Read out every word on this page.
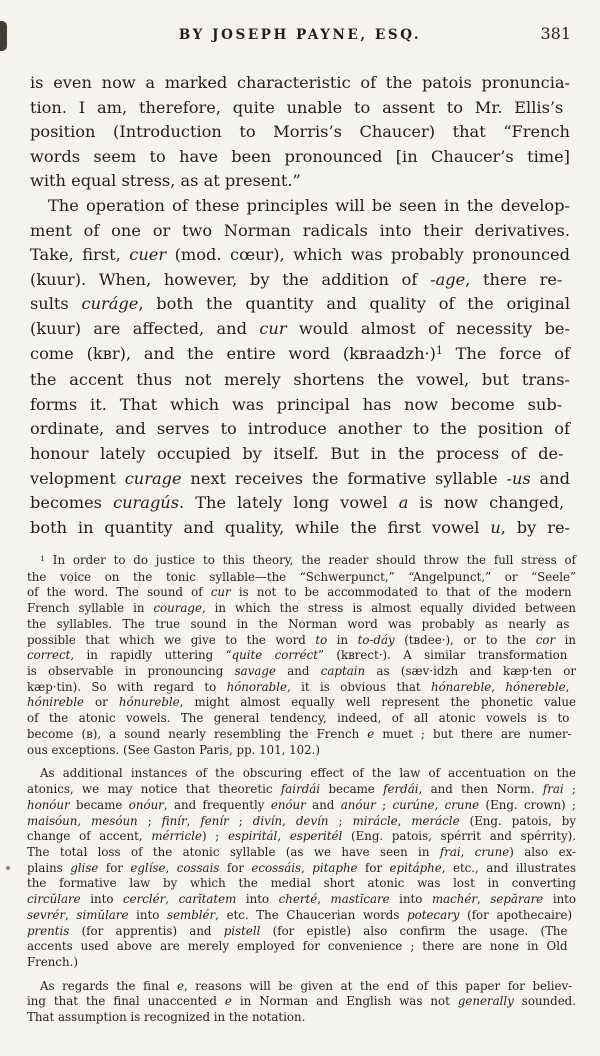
BY JOSEPH PAYNE, ESQ.	381
is even now a marked characteristic of the patois pronuncia-
tion. I am, therefore, quite unable to assent to Mr. Ellis’s
position (Introduction to Morris’s Chaucer) that “French
words seem to have been pronounced [in Chaucer’s time]
with equal stress, as at present.”
The operation of these principles will be seen in the develop-
ment of one or two Norman radicals into their derivatives.
Take, first, cuer (mod. cœur), which was probably pronounced
(kuur). When, however, by the addition of -age, there re-
sults curáge, both the quantity and quality of the original
(kuur) are affected, and cur would almost of necessity be-
come (kʙr), and the entire word (kʙraadzh·)$^1$ The force of
the accent thus not merely shortens the vowel, but trans-
forms it. That which was principal has now become sub-
ordinate, and serves to introduce another to the position of
honour lately occupied by itself. But in the process of de-
velopment curage next receives the formative syllable -us and
becomes curagús. The lately long vowel a is now changed,
both in quantity and quality, while the first vowel u, by re-
$^1$ In order to do justice to this theory, the reader should throw the full stress of
the voice on the tonic syllable—the “Schwerpunct,” “Angelpunct,” or “Seele”
of the word. The sound of cur is not to be accommodated to that of the modern
French syllable in courage, in which the stress is almost equally divided between
the syllables. The true sound in the Norman word was probably as nearly as
possible that which we give to the word to in to-dáy (tʙdee·), or to the cor in
correct, in rapidly uttering “quite corréct” (kʙrect·). A similar transformation
is observable in pronouncing savage and captain as (sæv·idzh and kæp·ten or
kæp·tin). So with regard to hónorable, it is obvious that hónareble, hónereble,
hónireble or hónureble, might almost equally well represent the phonetic value
of the atonic vowels. The general tendency, indeed, of all atonic vowels is to
become (ʙ), a sound nearly resembling the French e muet ; but there are numer-
ous exceptions. (See Gaston Paris, pp. 101, 102.)
As additional instances of the obscuring effect of the law of accentuation on the
atonics, we may notice that theoretic fairdái became ferdái, and then Norm. frai ;
honóur became onóur, and frequently enóur and anóur ; curúne, crune (Eng. crown) ;
maisóun, mesóun ; finír, fenír ; divín, devín ; mirácle, merácle (Eng. patois, by
change of accent, mérricle) ; espiritál, esperitél (Eng. patois, spérrit and spérrity).
The total loss of the atonic syllable (as we have seen in frai, crune) also ex-
plains glise for eglíse, cossais for ecossáis, pitaphe for epitáphe, etc., and illustrates
the formative law by which the medial short atonic was lost in converting
circŭlare into cerclér, carĭtatem into cherté, mastĭcare into machér, sepărare into
sevrér, simŭlare into semblér, etc. The Chaucerian words potecary (for apothecaire)
prentis (for apprentis) and pistell (for epistle) also confirm the usage. (The
accents used above are merely employed for convenience ; there are none in Old
French.)
As regards the final e, reasons will be given at the end of this paper for believ-
ing that the final unaccented e in Norman and English was not generally sounded.
That assumption is recognized in the notation.
